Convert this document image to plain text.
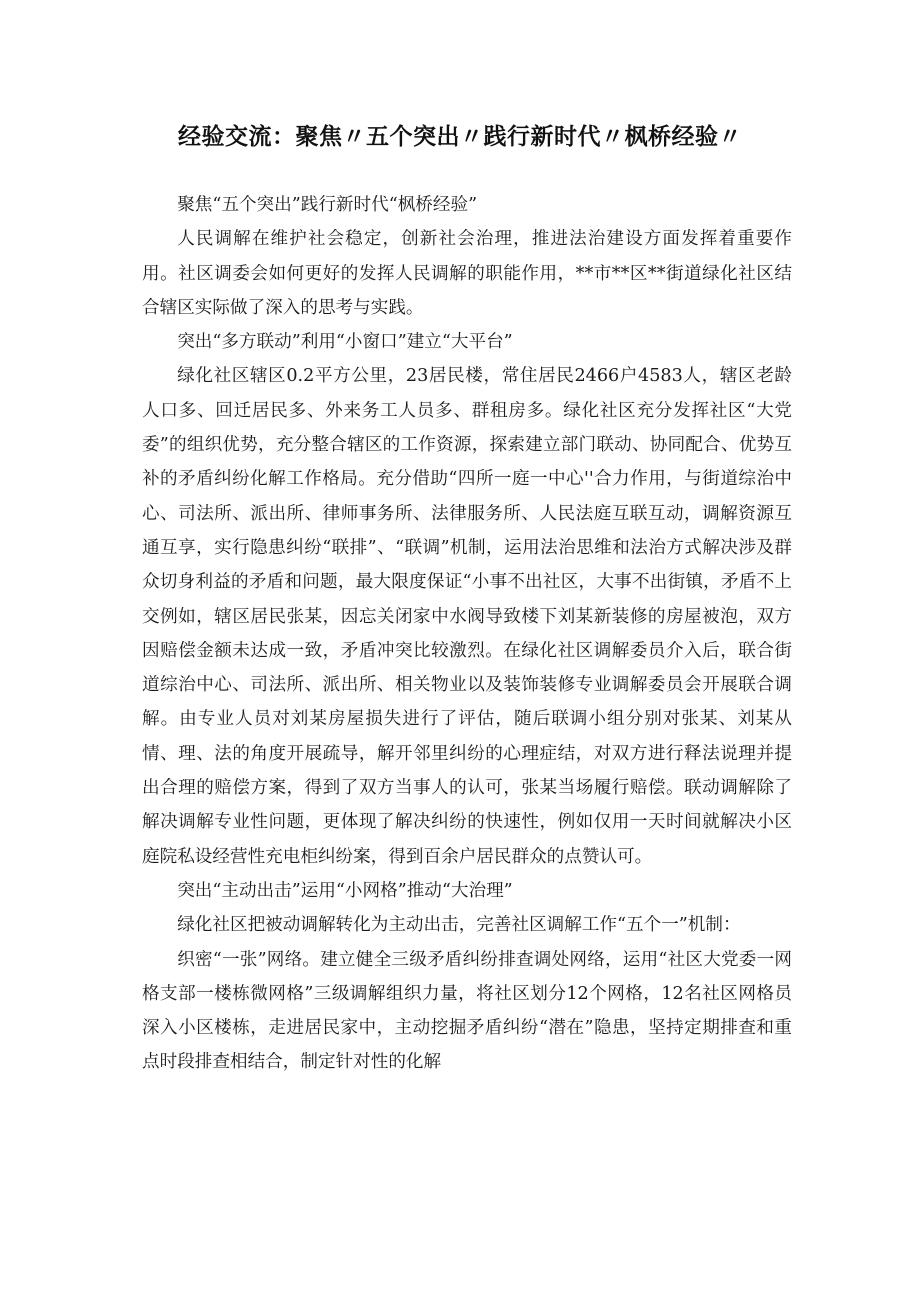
经验交流：聚焦〃五个突出〃践行新时代〃枫桥经验〃

聚焦“五个突出”践行新时代“枫桥经验”

人民调解在维护社会稳定，创新社会治理，推进法治建设方面发挥着重要作用。社区调委会如何更好的发挥人民调解的职能作用，**市**区**街道绿化社区结合辖区实际做了深入的思考与实践。

突出“多方联动”利用“小窗口”建立“大平台”

绿化社区辖区0.2平方公里，23居民楼，常住居民2466户4583人，辖区老龄人口多、回迁居民多、外来务工人员多、群租房多。绿化社区充分发挥社区“大党委”的组织优势，充分整合辖区的工作资源，探索建立部门联动、协同配合、优势互补的矛盾纠纷化解工作格局。充分借助“四所一庭一中心''合力作用，与街道综治中心、司法所、派出所、律师事务所、法律服务所、人民法庭互联互动，调解资源互通互享，实行隐患纠纷“联排”、“联调”机制，运用法治思维和法治方式解决涉及群众切身利益的矛盾和问题，最大限度保证“小事不出社区，大事不出街镇，矛盾不上交例如，辖区居民张某，因忘关闭家中水阀导致楼下刘某新装修的房屋被泡，双方因赔偿金额未达成一致，矛盾冲突比较激烈。在绿化社区调解委员介入后，联合街道综治中心、司法所、派出所、相关物业以及装饰装修专业调解委员会开展联合调解。由专业人员对刘某房屋损失进行了评估，随后联调小组分别对张某、刘某从情、理、法的角度开展疏导，解开邻里纠纷的心理症结，对双方进行释法说理并提出合理的赔偿方案，得到了双方当事人的认可，张某当场履行赔偿。联动调解除了解决调解专业性问题，更体现了解决纠纷的快速性，例如仅用一天时间就解决小区庭院私设经营性充电柜纠纷案，得到百余户居民群众的点赞认可。

突出“主动出击”运用“小网格”推动“大治理”

绿化社区把被动调解转化为主动出击，完善社区调解工作“五个一”机制：

织密“一张”网络。建立健全三级矛盾纠纷排查调处网络，运用“社区大党委一网格支部一楼栋微网格”三级调解组织力量，将社区划分12个网格，12名社区网格员深入小区楼栋，走进居民家中，主动挖掘矛盾纠纷“潜在”隐患，坚持定期排查和重点时段排查相结合，制定针对性的化解
